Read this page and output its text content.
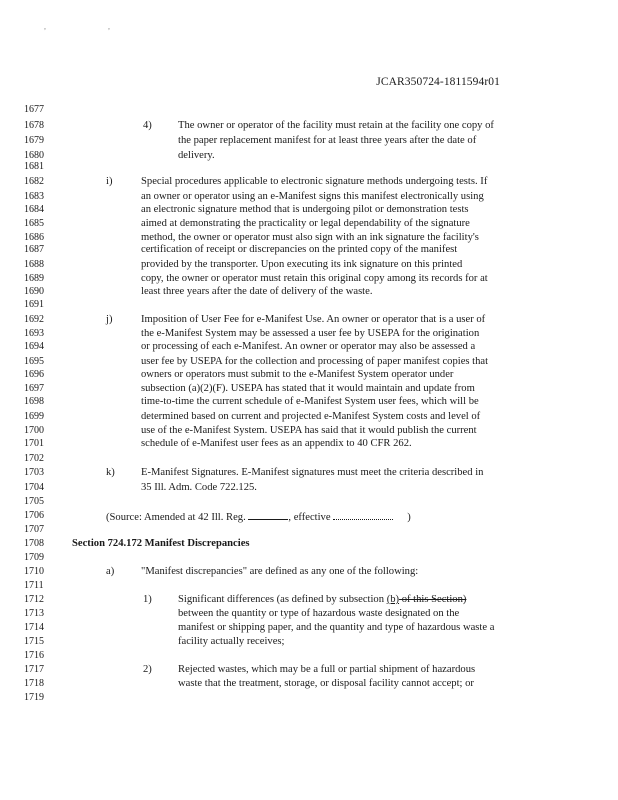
, ,
JCAR350724-1811594r01
1677
1678
1679
1680
1681
1682
1683
1684
1685
1686
1687
1688
1689
1690
1691
1692
1693
1694
1695
1696
1697
1698
1699
1700
1701
1702
1703
1704
1705
1706
1707
1708
1709
1710
1711
1712
1713
1714
1715
1716
1717
1718
1719
4) The owner or operator of the facility must retain at the facility one copy of
the paper replacement manifest for at least three years after the date of
delivery.
i)	Special procedures applicable to electronic signature methods undergoing tests. If
an owner or operator using an e-Manifest signs this manifest electronically using
an electronic signature method that is undergoing pilot or demonstration tests
aimed at demonstrating the practicality or legal dependability of the signature
method, the owner or operator must also sign with an ink signature the facility's
certification of receipt or discrepancies on the printed copy of the manifest
provided by the transporter. Upon executing its ink signature on this printed
copy, the owner or operator must retain this original copy among its records for at
least three years after the date of delivery of the waste.
j)	Imposition of User Fee for e-Manifest Use. An owner or operator that is a user of
the e-Manifest System may be assessed a user fee by USEPA for the origination
or processing of each e-Manifest. An owner or operator may also be assessed a
user fee by USEPA for the collection and processing of paper manifest copies that
owners or operators must submit to the e-Manifest System operator under
subsection (a)(2)(F). USEPA has stated that it would maintain and update from
time-to-time the current schedule of e-Manifest System user fees, which will be
determined based on current and projected e-Manifest System costs and level of
use of the e-Manifest System. USEPA has said that it would publish the current
schedule of e-Manifest user fees as an appendix to 40 CFR 262.
k) E-Manifest Signatures. E-Manifest signatures must meet the criteria described in
35 Ill. Adm. Code 722.125.
(Source: Amended at 42 Ill. Reg.	, effective	)
Section 724.172 Manifest Discrepancies
a)	"Manifest discrepancies" are defined as any one of the following:
1) Significant differences (as defined by subsection (b) of this Section)
between the quantity or type of hazardous waste designated on the
manifest or shipping paper, and the quantity and type of hazardous waste a
facility actually receives;
2) Rejected wastes, which may be a full or partial shipment of hazardous
waste that the treatment, storage, or disposal facility cannot accept; or
